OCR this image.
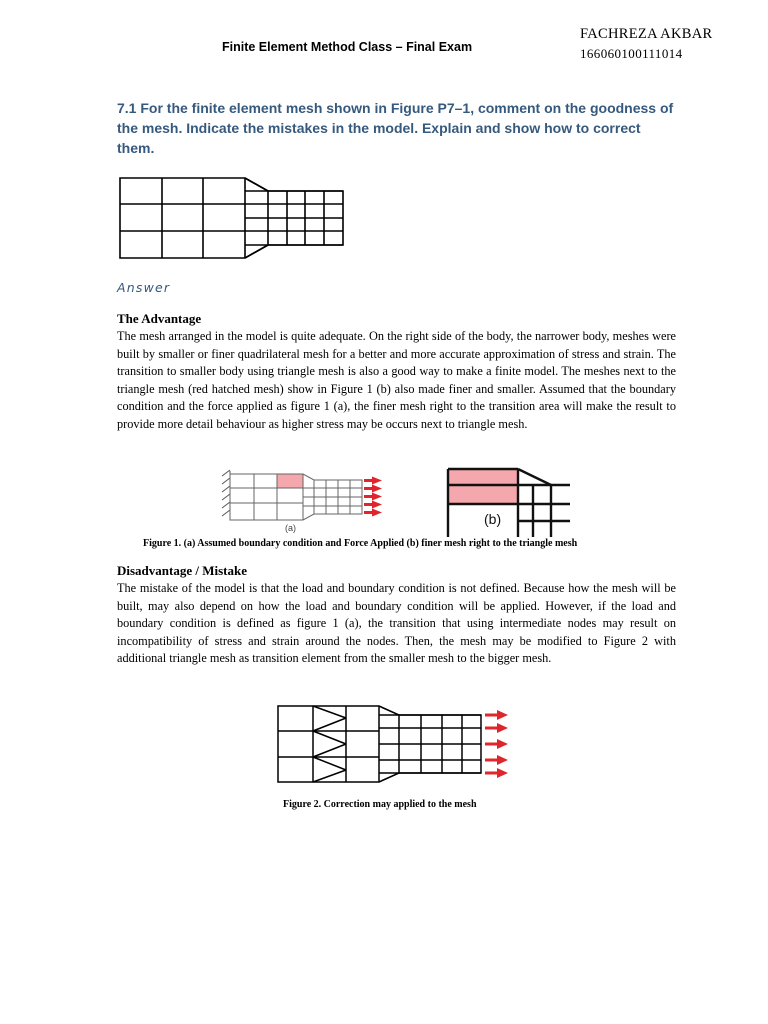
Finite Element Method Class – Final Exam
FACHREZA AKBAR
166060100111014
7.1 For the finite element mesh shown in Figure P7–1, comment on the goodness of the mesh. Indicate the mistakes in the model. Explain and show how to correct them.
Answer
The Advantage
The mesh arranged in the model is quite adequate. On the right side of the body, the narrower body, meshes were built by smaller or finer quadrilateral mesh for a better and more accurate approximation of stress and strain. The transition to smaller body using triangle mesh is also a good way to make a finite model. The meshes next to the triangle mesh (red hatched mesh) show in Figure 1 (b) also made finer and smaller. Assumed that the boundary condition and the force applied as figure 1 (a), the finer mesh right to the transition area will make the result to provide more detail behaviour as higher stress may be occurs next to triangle mesh.
(a)
(b)
Figure 1. (a) Assumed boundary condition and Force Applied (b) finer mesh right to the triangle mesh
Disadvantage / Mistake
The mistake of the model is that the load and boundary condition is not defined. Because how the mesh will be built, may also depend on how the load and boundary condition will be applied. However, if the load and boundary condition is defined as figure 1 (a), the transition that using intermediate nodes may result on incompatibility of stress and strain around the nodes. Then, the mesh may be modified to Figure 2 with additional triangle mesh as transition element from the smaller mesh to the bigger mesh.
Figure 2. Correction may applied to the mesh
